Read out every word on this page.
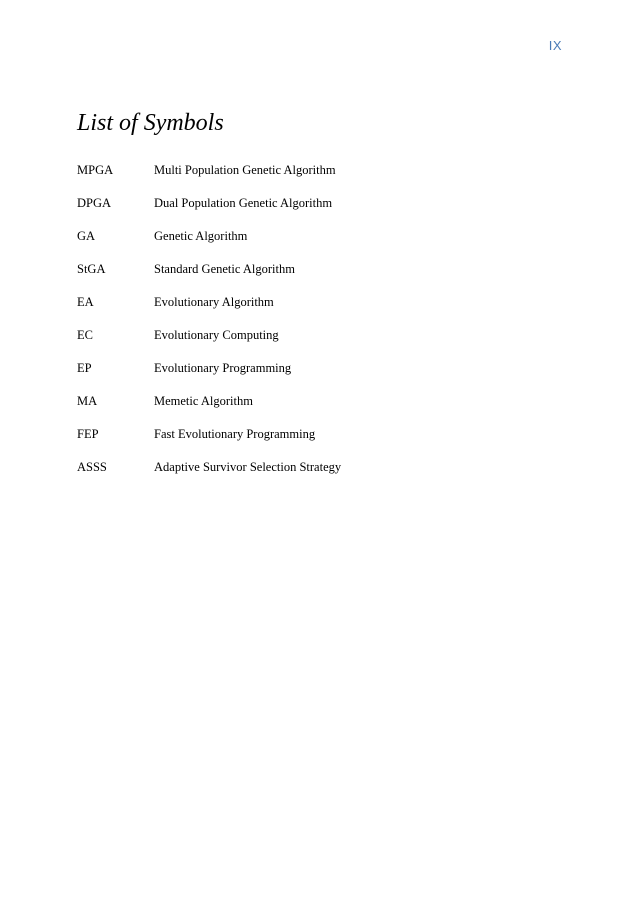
IX
List of Symbols
MPGA	Multi Population Genetic Algorithm
DPGA	Dual Population Genetic Algorithm
GA	Genetic Algorithm
StGA	Standard Genetic Algorithm
EA	Evolutionary Algorithm
EC	Evolutionary Computing
EP	Evolutionary Programming
MA	Memetic Algorithm
FEP	Fast Evolutionary Programming
ASSS	Adaptive Survivor Selection Strategy
